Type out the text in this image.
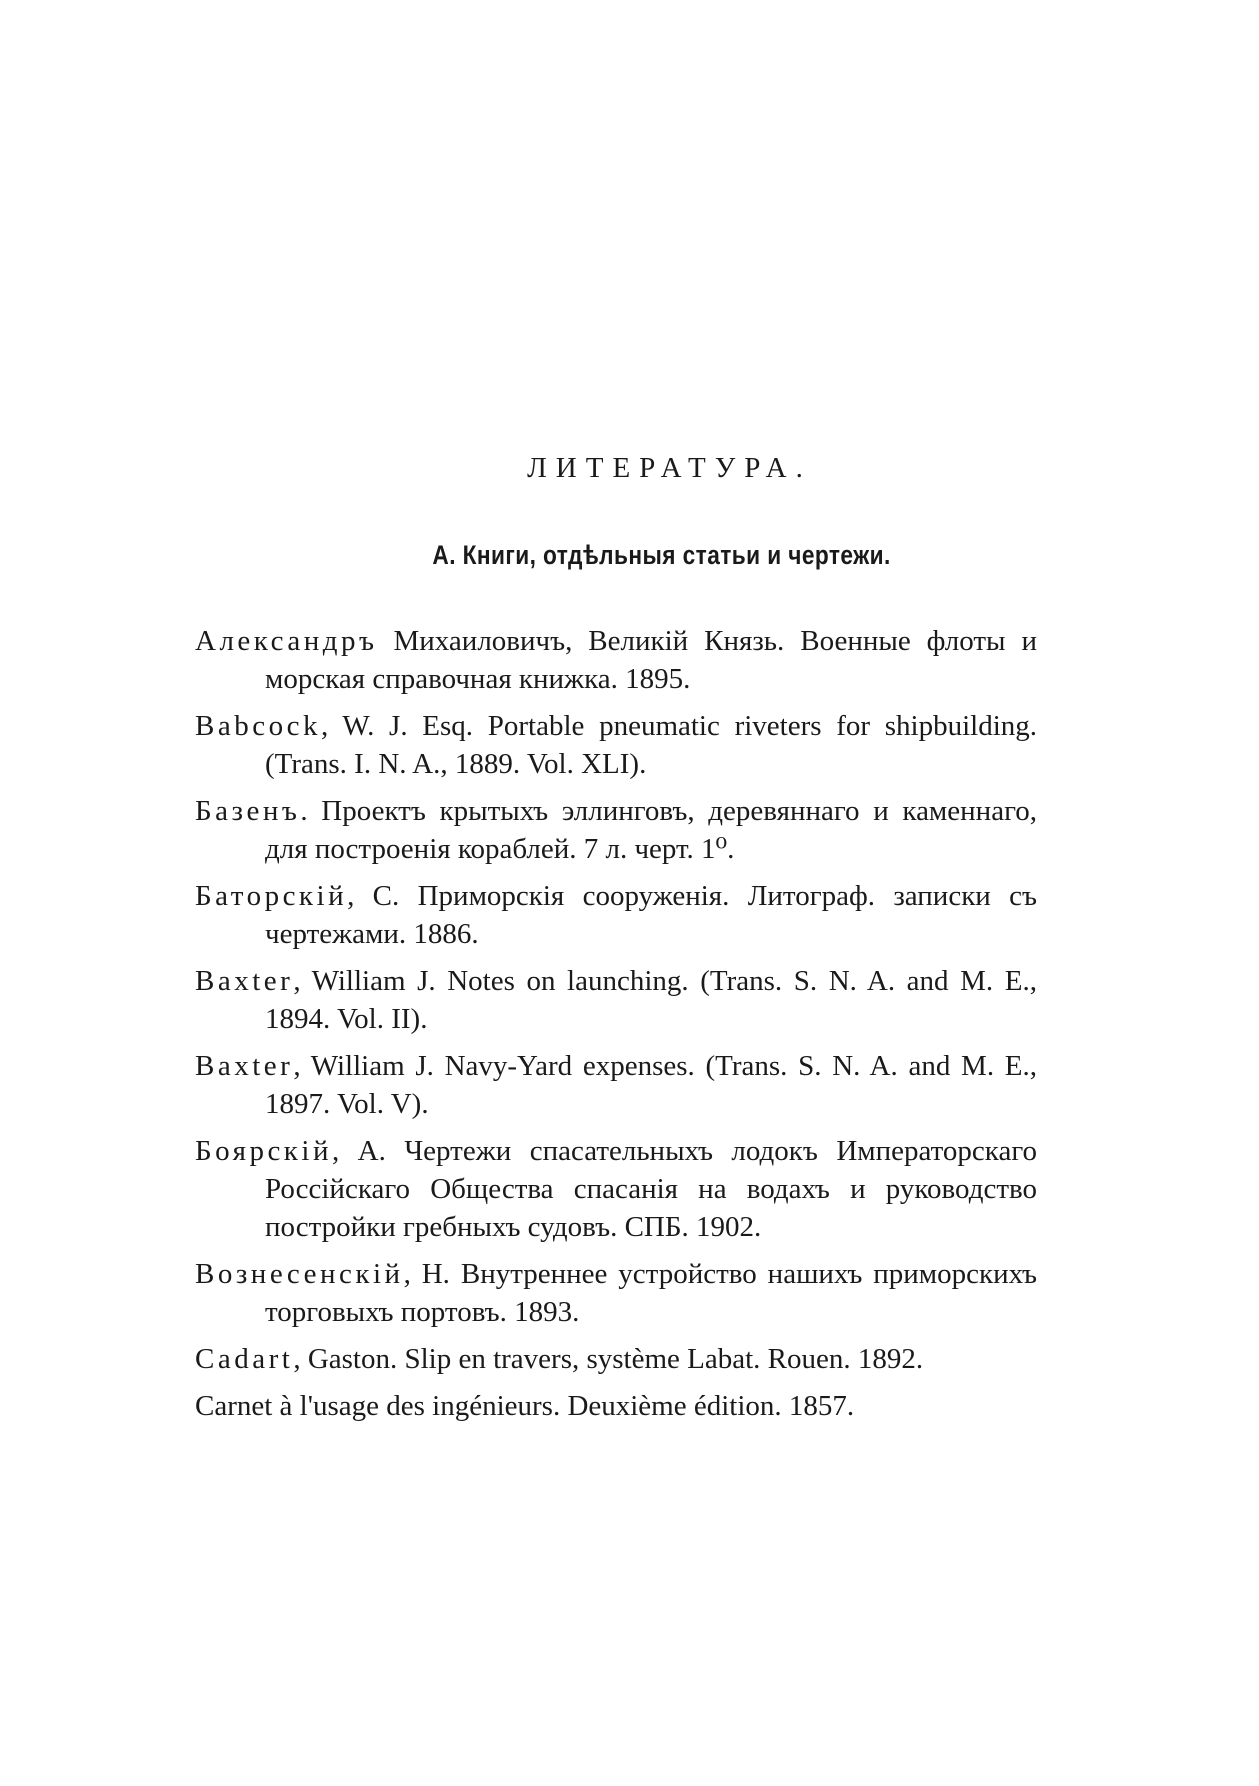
ЛИТЕРАТУРА.
А. Книги, отдѣльныя статьи и чертежи.
Александръ Михаиловичъ, Великій Князь. Военные флоты и морская справочная книжка. 1895.
Babcock, W. J. Esq. Portable pneumatic riveters for shipbuilding. (Trans. I. N. A., 1889. Vol. XLI).
Базенъ. Проектъ крытыхъ эллинговъ, деревяннаго и каменнаго, для построенія кораблей. 7 л. черт. 1⁰.
Баторскій, С. Приморскія сооруженія. Литограф. записки съ чертежами. 1886.
Baxter, William J. Notes on launching. (Trans. S. N. A. and M. E., 1894. Vol. II).
Baxter, William J. Navy-Yard expenses. (Trans. S. N. A. and M. E., 1897. Vol. V).
Боярскій, А. Чертежи спасательныхъ лодокъ Императорскаго Россійскаго Общества спасанія на водахъ и руководство постройки гребныхъ судовъ. СПБ. 1902.
Вознесенскій, Н. Внутреннее устройство нашихъ приморскихъ торговыхъ портовъ. 1893.
Cadart, Gaston. Slip en travers, système Labat. Rouen. 1892.
Carnet à l'usage des ingénieurs. Deuxième édition. 1857.
